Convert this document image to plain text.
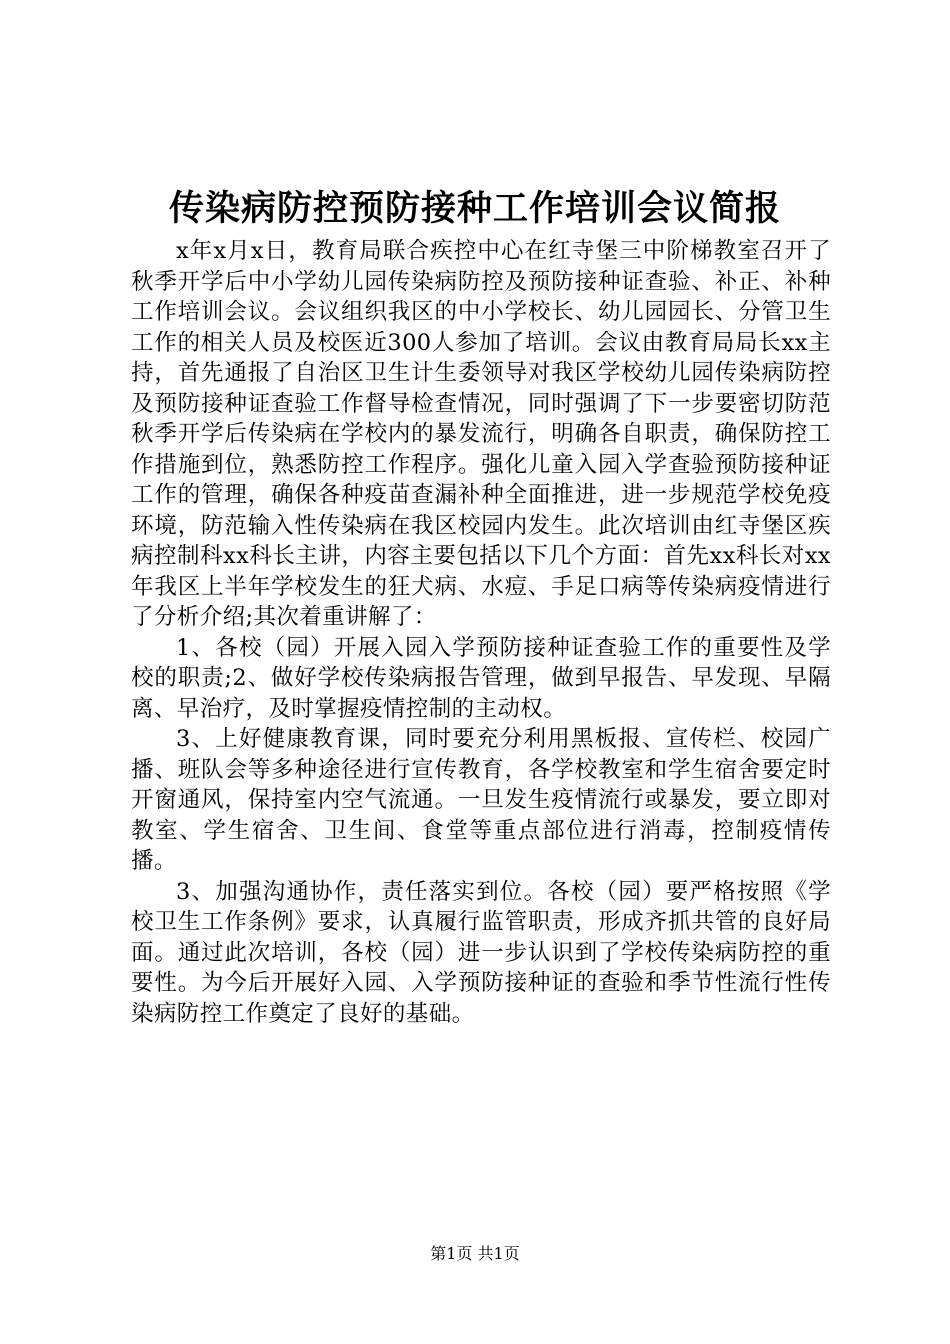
传染病防控预防接种工作培训会议简报

x年x月x日，教育局联合疾控中心在红寺堡三中阶梯教室召开了秋季开学后中小学幼儿园传染病防控及预防接种证查验、补正、补种工作培训会议。会议组织我区的中小学校长、幼儿园园长、分管卫生工作的相关人员及校医近300人参加了培训。会议由教育局局长xx主持，首先通报了自治区卫生计生委领导对我区学校幼儿园传染病防控及预防接种证查验工作督导检查情况，同时强调了下一步要密切防范秋季开学后传染病在学校内的暴发流行，明确各自职责，确保防控工作措施到位，熟悉防控工作程序。强化儿童入园入学查验预防接种证工作的管理，确保各种疫苗查漏补种全面推进，进一步规范学校免疫环境，防范输入性传染病在我区校园内发生。此次培训由红寺堡区疾病控制科xx科长主讲，内容主要包括以下几个方面：首先xx科长对xx年我区上半年学校发生的狂犬病、水痘、手足口病等传染病疫情进行了分析介绍;其次着重讲解了：

1、各校（园）开展入园入学预防接种证查验工作的重要性及学校的职责;2、做好学校传染病报告管理，做到早报告、早发现、早隔离、早治疗，及时掌握疫情控制的主动权。

3、上好健康教育课，同时要充分利用黑板报、宣传栏、校园广播、班队会等多种途径进行宣传教育，各学校教室和学生宿舍要定时开窗通风，保持室内空气流通。一旦发生疫情流行或暴发，要立即对教室、学生宿舍、卫生间、食堂等重点部位进行消毒，控制疫情传播。

3、加强沟通协作，责任落实到位。各校（园）要严格按照《学校卫生工作条例》要求，认真履行监管职责，形成齐抓共管的良好局面。通过此次培训，各校（园）进一步认识到了学校传染病防控的重要性。为今后开展好入园、入学预防接种证的查验和季节性流行性传染病防控工作奠定了良好的基础。

第1页 共1页
